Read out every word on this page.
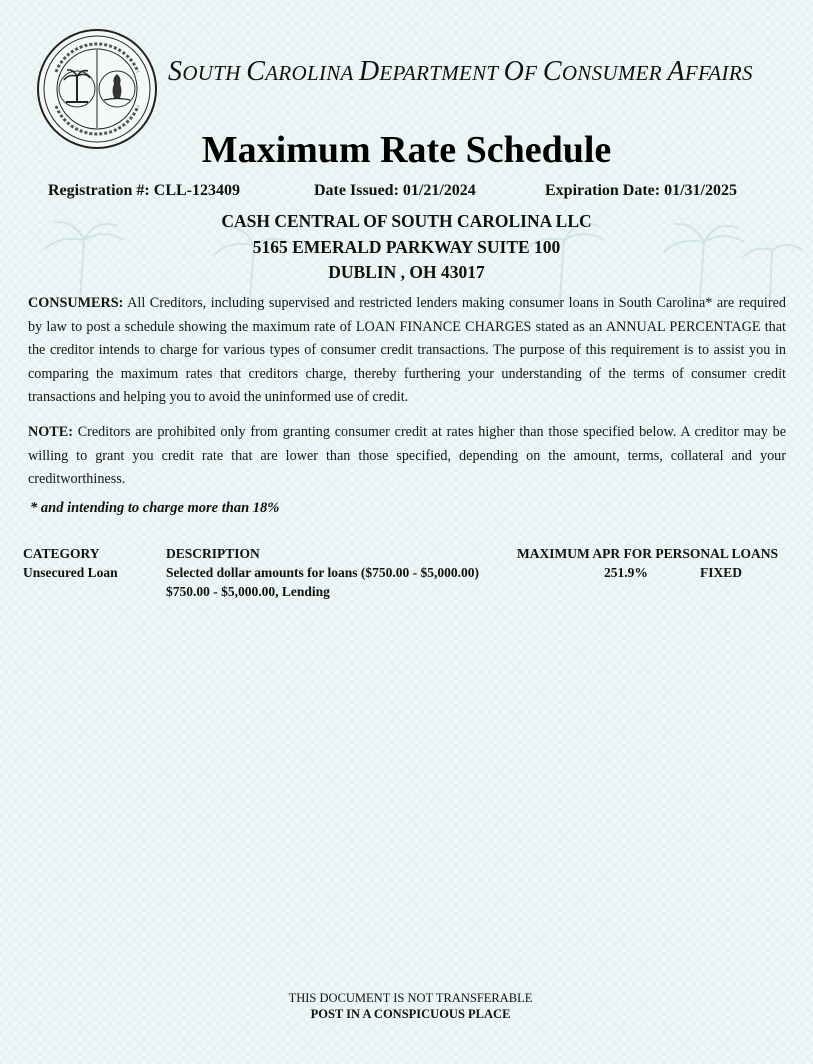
SOUTH CAROLINA DEPARTMENT OF CONSUMER AFFAIRS
Maximum Rate Schedule
Registration #: CLL-123409	Date Issued: 01/21/2024	Expiration Date: 01/31/2025
CASH CENTRAL OF SOUTH CAROLINA LLC
5165 EMERALD PARKWAY SUITE 100
DUBLIN , OH 43017
CONSUMERS: All Creditors, including supervised and restricted lenders making consumer loans in South Carolina* are required by law to post a schedule showing the maximum rate of LOAN FINANCE CHARGES stated as an ANNUAL PERCENTAGE that the creditor intends to charge for various types of consumer credit transactions. The purpose of this requirement is to assist you in comparing the maximum rates that creditors charge, thereby furthering your understanding of the terms of consumer credit transactions and helping you to avoid the uninformed use of credit.
NOTE: Creditors are prohibited only from granting consumer credit at rates higher than those specified below. A creditor may be willing to grant you credit rate that are lower than those specified, depending on the amount, terms, collateral and your creditworthiness.
* and intending to charge more than 18%
CATEGORY	DESCRIPTION	MAXIMUM APR FOR PERSONAL LOANS
Unsecured Loan	Selected dollar amounts for loans ($750.00 - $5,000.00)	251.9%	FIXED
$750.00 - $5,000.00, Lending
THIS DOCUMENT IS NOT TRANSFERABLE
POST IN A CONSPICUOUS PLACE
